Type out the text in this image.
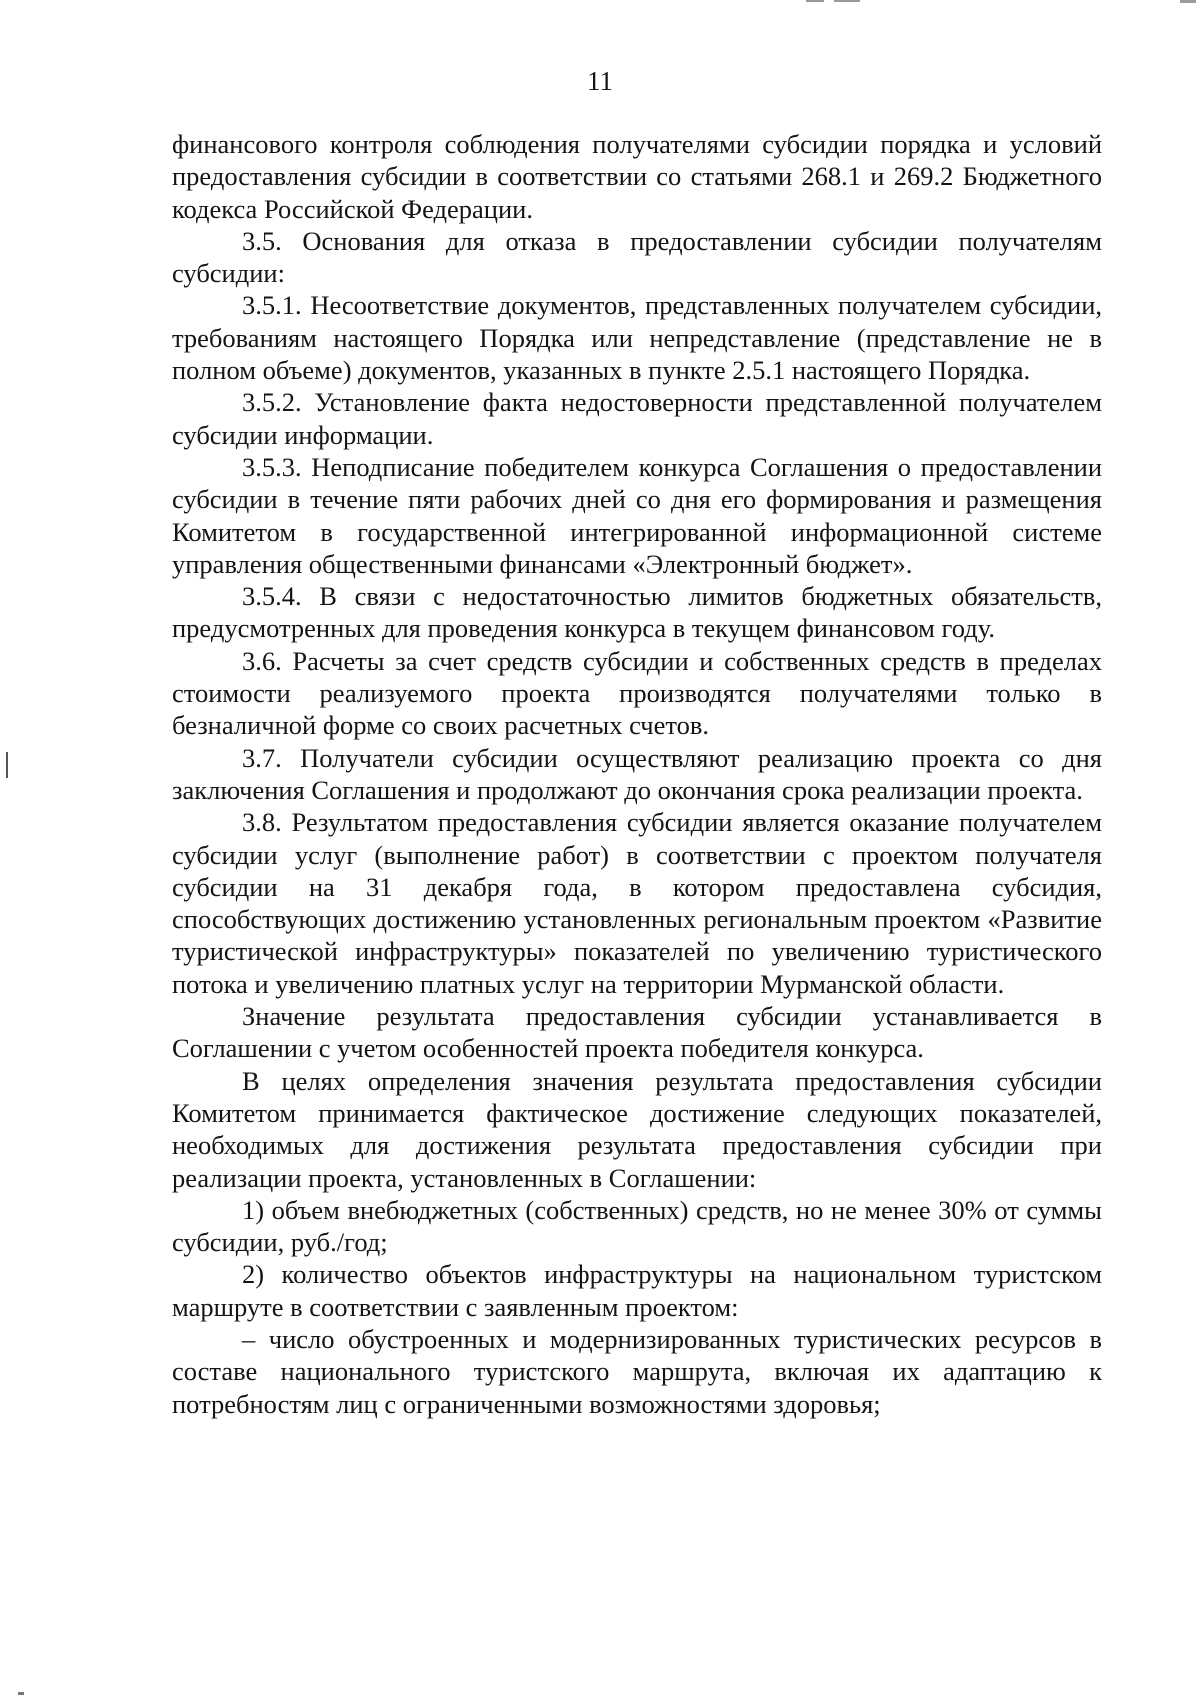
11

финансового контроля соблюдения получателями субсидии порядка и условий предоставления субсидии в соответствии со статьями 268.1 и 269.2 Бюджетного кодекса Российской Федерации.

3.5. Основания для отказа в предоставлении субсидии получателям субсидии:

3.5.1. Несоответствие документов, представленных получателем субсидии, требованиям настоящего Порядка или непредставление (представление не в полном объеме) документов, указанных в пункте 2.5.1 настоящего Порядка.

3.5.2. Установление факта недостоверности представленной получателем субсидии информации.

3.5.3. Неподписание победителем конкурса Соглашения о предоставлении субсидии в течение пяти рабочих дней со дня его формирования и размещения Комитетом в государственной интегрированной информационной системе управления общественными финансами «Электронный бюджет».

3.5.4. В связи с недостаточностью лимитов бюджетных обязательств, предусмотренных для проведения конкурса в текущем финансовом году.

3.6. Расчеты за счет средств субсидии и собственных средств в пределах стоимости реализуемого проекта производятся получателями только в безналичной форме со своих расчетных счетов.

3.7. Получатели субсидии осуществляют реализацию проекта со дня заключения Соглашения и продолжают до окончания срока реализации проекта.

3.8. Результатом предоставления субсидии является оказание получателем субсидии услуг (выполнение работ) в соответствии с проектом получателя субсидии на 31 декабря года, в котором предоставлена субсидия, способствующих достижению установленных региональным проектом «Развитие туристической инфраструктуры» показателей по увеличению туристического потока и увеличению платных услуг на территории Мурманской области.

Значение результата предоставления субсидии устанавливается в Соглашении с учетом особенностей проекта победителя конкурса.

В целях определения значения результата предоставления субсидии Комитетом принимается фактическое достижение следующих показателей, необходимых для достижения результата предоставления субсидии при реализации проекта, установленных в Соглашении:

1) объем внебюджетных (собственных) средств, но не менее 30% от суммы субсидии, руб./год;

2) количество объектов инфраструктуры на национальном туристском маршруте в соответствии с заявленным проектом:

– число обустроенных и модернизированных туристических ресурсов в составе национального туристского маршрута, включая их адаптацию к потребностям лиц с ограниченными возможностями здоровья;
